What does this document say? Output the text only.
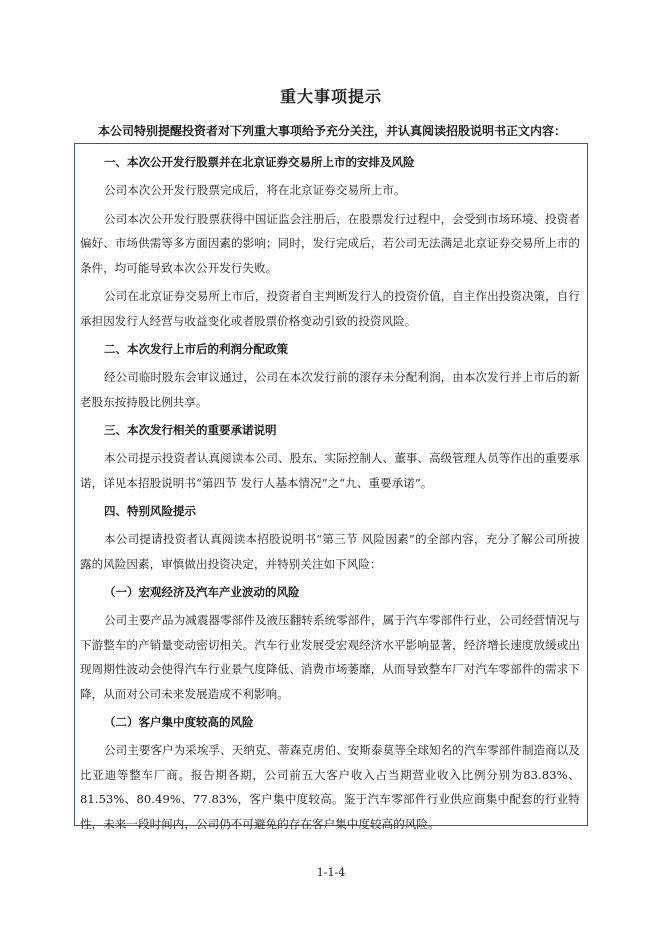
重大事项提示
本公司特别提醒投资者对下列重大事项给予充分关注，并认真阅读招股说明书正文内容：
一、本次公开发行股票并在北京证券交易所上市的安排及风险

公司本次公开发行股票完成后，将在北京证券交易所上市。

公司本次公开发行股票获得中国证监会注册后，在股票发行过程中，会受到市场环境、投资者偏好、市场供需等多方面因素的影响；同时，发行完成后，若公司无法满足北京证券交易所上市的条件，均可能导致本次公开发行失败。

公司在北京证券交易所上市后，投资者自主判断发行人的投资价值，自主作出投资决策，自行承担因发行人经营与收益变化或者股票价格变动引致的投资风险。

二、本次发行上市后的利润分配政策

经公司临时股东会审议通过，公司在本次发行前的滚存未分配利润，由本次发行并上市后的新老股东按持股比例共享。

三、本次发行相关的重要承诺说明

本公司提示投资者认真阅读本公司、股东、实际控制人、董事、高级管理人员等作出的重要承诺，详见本招股说明书“第四节 发行人基本情况”之“九、重要承诺”。

四、特别风险提示

本公司提请投资者认真阅读本招股说明书“第三节 风险因素”的全部内容，充分了解公司所披露的风险因素，审慎做出投资决定，并特别关注如下风险：

（一）宏观经济及汽车产业波动的风险

公司主要产品为减震器零部件及液压翻转系统零部件，属于汽车零部件行业，公司经营情况与下游整车的产销量变动密切相关。汽车行业发展受宏观经济水平影响显著，经济增长速度放缓或出现周期性波动会使得汽车行业景气度降低、消费市场萎靡，从而导致整车厂对汽车零部件的需求下降，从而对公司未来发展造成不利影响。

（二）客户集中度较高的风险

公司主要客户为采埃孚、天纳克、蒂森克虏伯、安斯泰莫等全球知名的汽车零部件制造商以及比亚迪等整车厂商。报告期各期，公司前五大客户收入占当期营业收入比例分别为83.83%、81.53%、80.49%、77.83%，客户集中度较高。鉴于汽车零部件行业供应商集中配套的行业特性，未来一段时间内，公司仍不可避免的存在客户集中度较高的风险。

1-1-4
